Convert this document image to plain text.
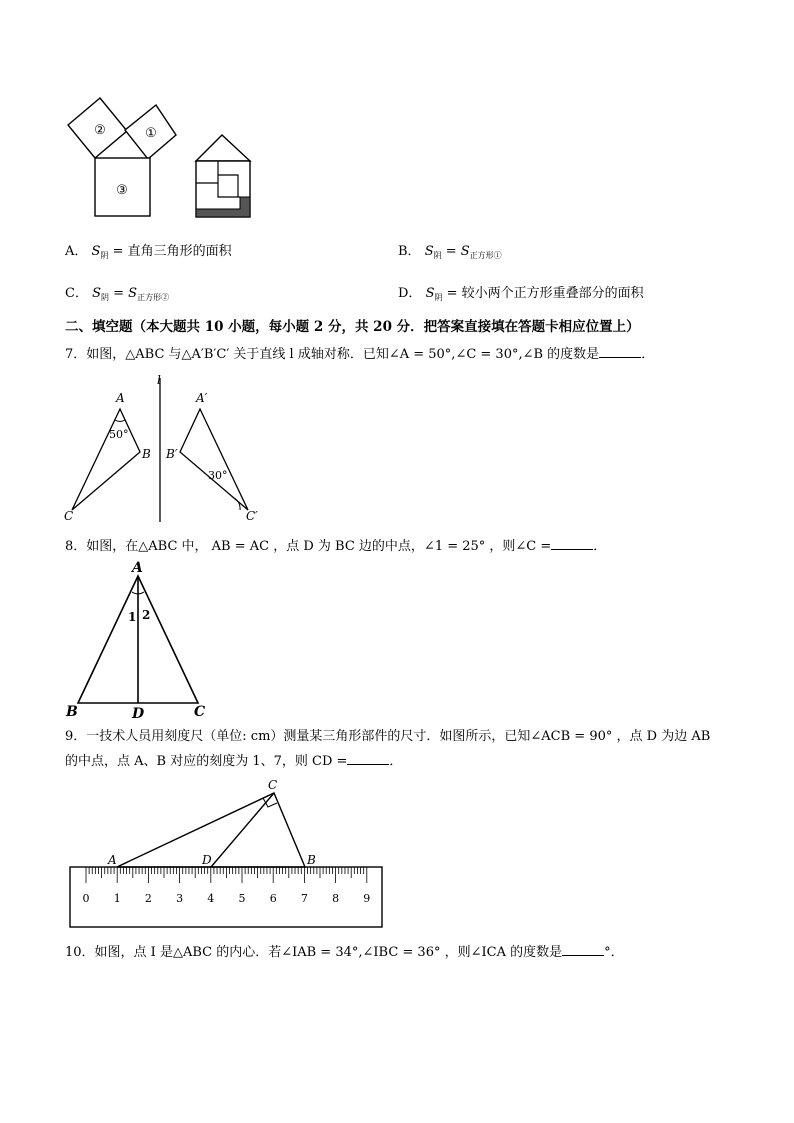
②	①
③
A． $S_阴$ = 直角三角形的面积	B． $S_阴 = S_{正方形①}$
C． $S_阴 = S_{正方形②}$	D． $S_阴$ = 较小两个正方形重叠部分的面积
二、填空题（本大题共 10 小题，每小题 2 分，共 20 分．把答案直接填在答题卡相应位置上）
7．如图，△ABC 与△A′B′C′ 关于直线 l 成轴对称．已知∠A = 50°,∠C = 30°,∠B 的度数是	．
l
50°
A
B
C
30°
A′
B′
C′
8．如图，在△ABC 中， AB = AC ，点 D 为 BC 边的中点，∠1 = 25° ，则∠C =	．
A
B	C
D
1 2
9．一技术人员用刻度尺（单位: cm）测量某三角形部件的尺寸．如图所示，已知∠ACB = 90° ，点 D 为边 AB
的中点，点 A、B 对应的刻度为 1、7，则 CD =	．
0 1 2 3 4 5 6 7 8 9
A	B
C
D
10．如图，点 I 是△ABC 的内心．若∠IAB = 34°,∠IBC = 36° ，则∠ICA 的度数是	°．
